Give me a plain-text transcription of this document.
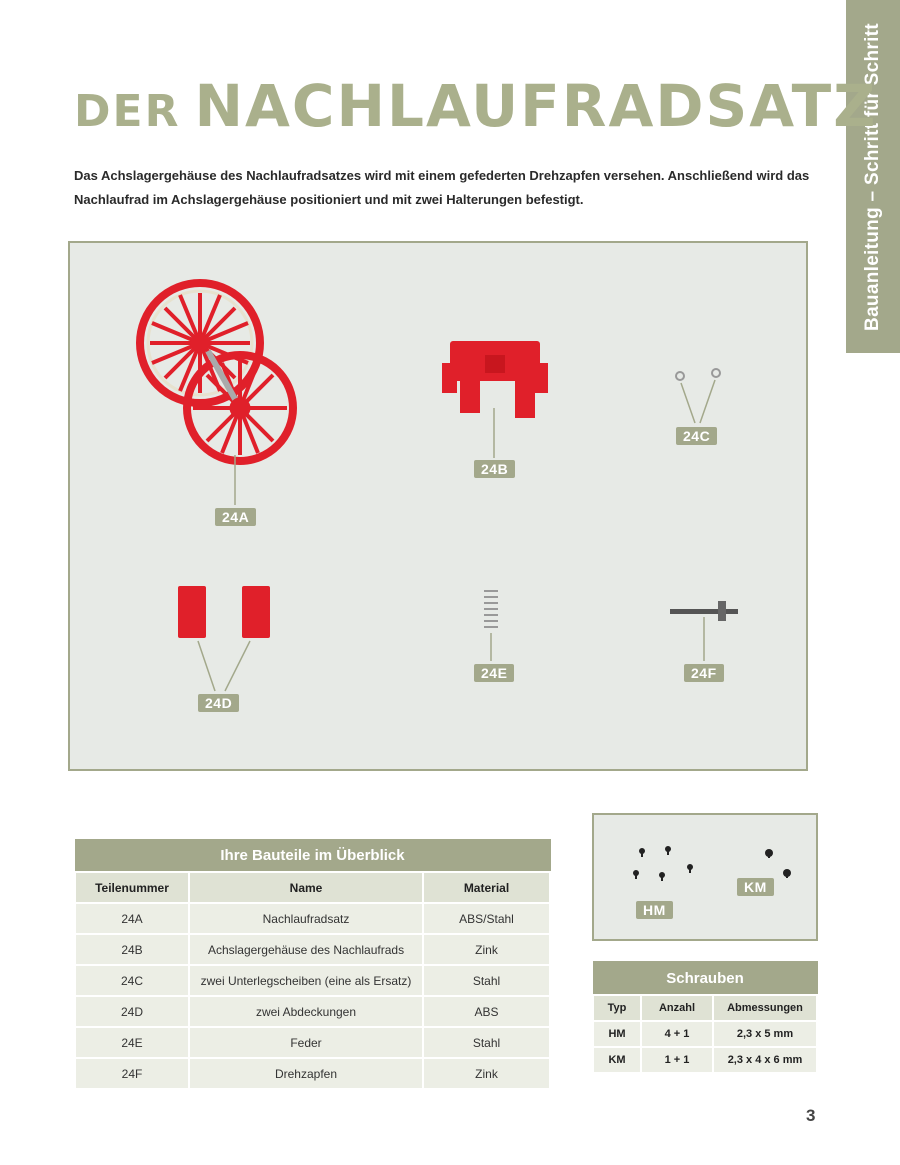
Bauanleitung – Schritt für Schritt
DER NACHLAUFRADSATZ
Das Achslagergehäuse des Nachlaufradsatzes wird mit einem gefederten Drehzapfen versehen. Anschließend wird das Nachlaufrad im Achslagergehäuse positioniert und mit zwei Halterungen befestigt.
24A
24B
24C
24D
24E	24F
Ihre Bauteile im Überblick		
Teilenummer	Name	Material
24A	Nachlaufradsatz	ABS/Stahl
24B	Achslagergehäuse des Nachlaufrads	Zink
24C	zwei Unterlegscheiben (eine als Ersatz)	Stahl
24D	zwei Abdeckungen	ABS
24E	Feder	Stahl
24F	Drehzapfen	Zink
HM
KM
Schrauben		
Typ	Anzahl	Abmessungen
HM	4 + 1	2,3 x 5 mm
KM	1 + 1	2,3 x 4 x 6 mm
3
